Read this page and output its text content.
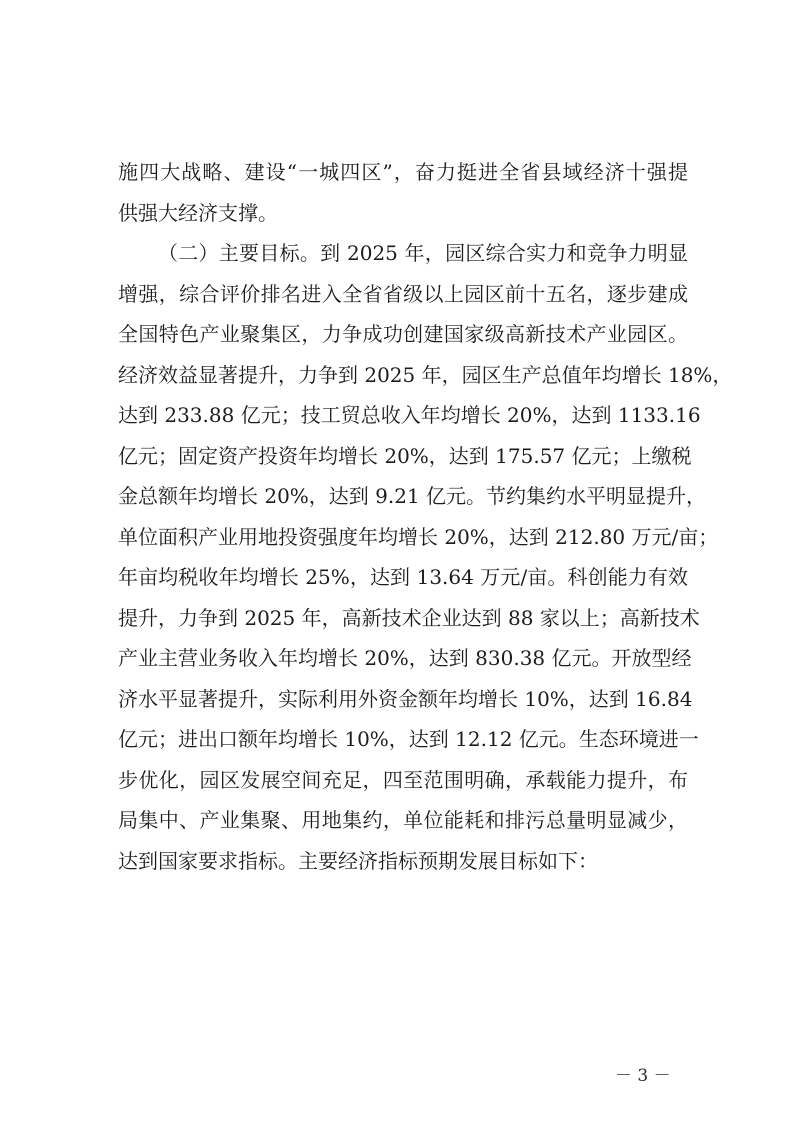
施四大战略、建设“一城四区”，奋力挺进全省县域经济十强提
供强大经济支撑。
（二）主要目标。到 2025 年，园区综合实力和竞争力明显
增强，综合评价排名进入全省省级以上园区前十五名，逐步建成
全国特色产业聚集区，力争成功创建国家级高新技术产业园区。
经济效益显著提升，力争到 2025 年，园区生产总值年均增长 18%，
达到 233.88 亿元；技工贸总收入年均增长 20%，达到 1133.16
亿元；固定资产投资年均增长 20%，达到 175.57 亿元；上缴税
金总额年均增长 20%，达到 9.21 亿元。节约集约水平明显提升，
单位面积产业用地投资强度年均增长 20%，达到 212.80 万元/亩；
年亩均税收年均增长 25%，达到 13.64 万元/亩。科创能力有效
提升，力争到 2025 年，高新技术企业达到 88 家以上；高新技术
产业主营业务收入年均增长 20%，达到 830.38 亿元。开放型经
济水平显著提升，实际利用外资金额年均增长 10%，达到 16.84
亿元；进出口额年均增长 10%，达到 12.12 亿元。生态环境进一
步优化，园区发展空间充足，四至范围明确，承载能力提升，布
局集中、产业集聚、用地集约，单位能耗和排污总量明显减少，
达到国家要求指标。主要经济指标预期发展目标如下：
－ 3 －
